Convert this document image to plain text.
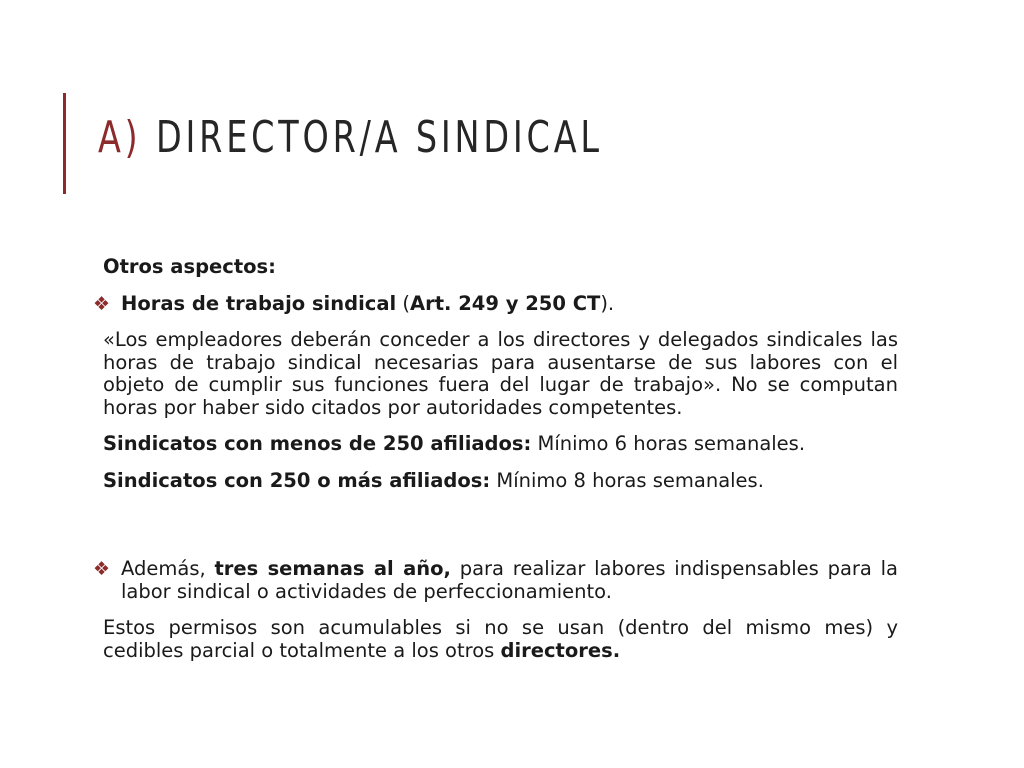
A) DIRECTOR/A SINDICAL

Otros aspectos:

❖ Horas de trabajo sindical (Art. 249 y 250 CT).

«Los empleadores deberán conceder a los directores y delegados sindicales las horas de trabajo sindical necesarias para ausentarse de sus labores con el objeto de cumplir sus funciones fuera del lugar de trabajo». No se computan horas por haber sido citados por autoridades competentes.

Sindicatos con menos de 250 afiliados: Mínimo 6 horas semanales.

Sindicatos con 250 o más afiliados: Mínimo 8 horas semanales.

❖ Además, tres semanas al año, para realizar labores indispensables para la labor sindical o actividades de perfeccionamiento.

Estos permisos son acumulables si no se usan (dentro del mismo mes) y cedibles parcial o totalmente a los otros directores.
